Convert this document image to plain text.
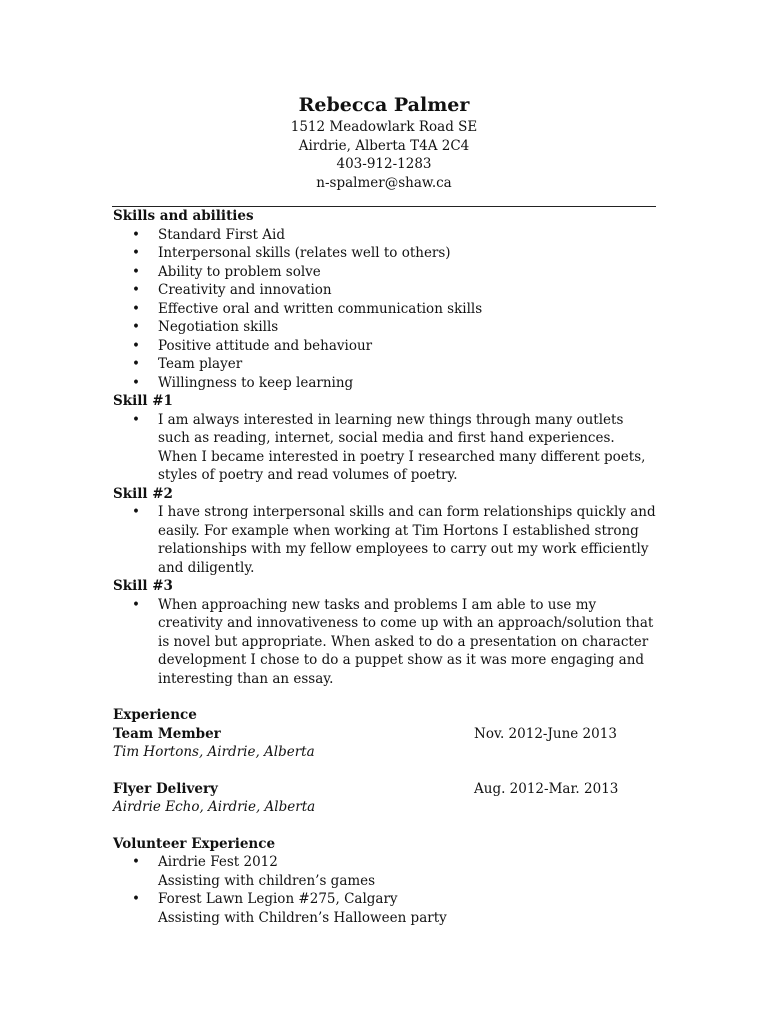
Rebecca Palmer
1512 Meadowlark Road SE
Airdrie, Alberta T4A 2C4
403-912-1283
n-spalmer@shaw.ca
Skills and abilities
• Standard First Aid
• Interpersonal skills (relates well to others)
• Ability to problem solve
• Creativity and innovation
• Effective oral and written communication skills
• Negotiation skills
• Positive attitude and behaviour
• Team player
• Willingness to keep learning
Skill #1
• I am always interested in learning new things through many outlets such as reading, internet, social media and first hand experiences. When I became interested in poetry I researched many different poets, styles of poetry and read volumes of poetry.
Skill #2
• I have strong interpersonal skills and can form relationships quickly and easily. For example when working at Tim Hortons I established strong relationships with my fellow employees to carry out my work efficiently and diligently.
Skill #3
• When approaching new tasks and problems I am able to use my creativity and innovativeness to come up with an approach/solution that is novel but appropriate. When asked to do a presentation on character development I chose to do a puppet show as it was more engaging and interesting than an essay.
Experience
Team Member	Nov. 2012-June 2013
Tim Hortons, Airdrie, Alberta
Flyer Delivery	Aug. 2012-Mar. 2013
Airdrie Echo, Airdrie, Alberta
Volunteer Experience
• Airdrie Fest 2012
Assisting with children’s games
• Forest Lawn Legion #275, Calgary
Assisting with Children’s Halloween party
